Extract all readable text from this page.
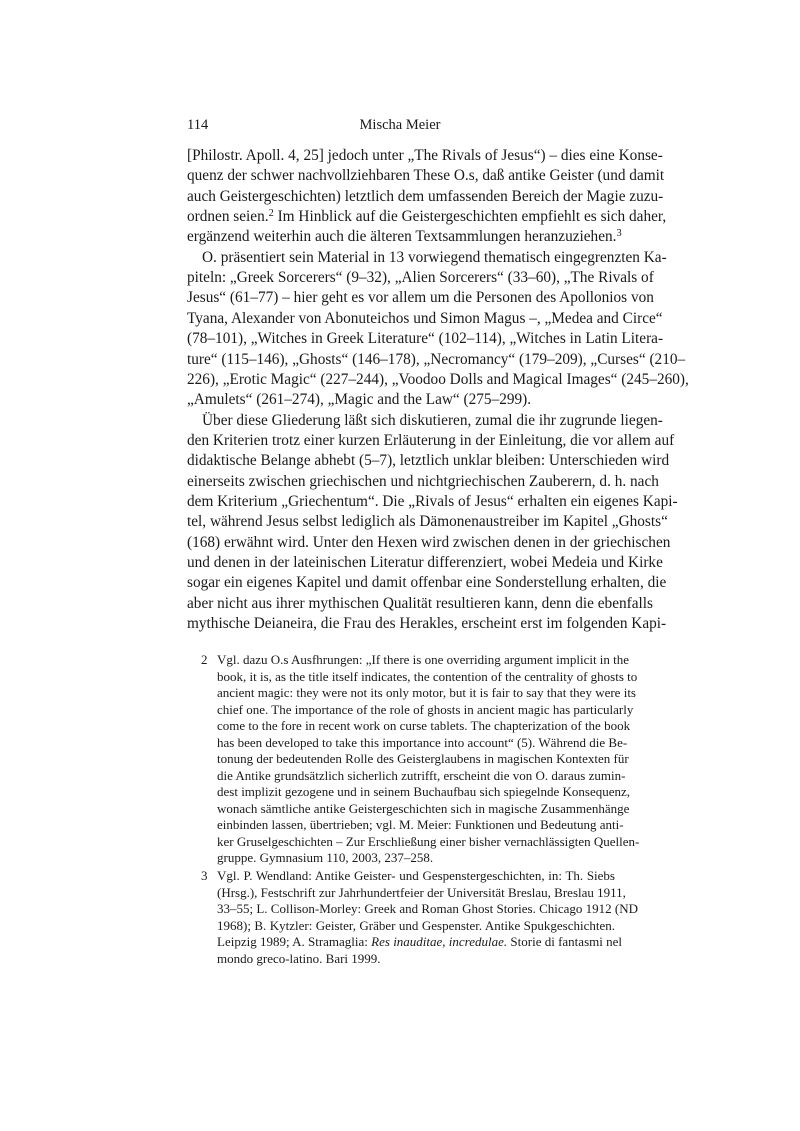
114	Mischa Meier
[Philostr. Apoll. 4, 25] jedoch unter „The Rivals of Jesus“) – dies eine Konse-
quenz der schwer nachvollziehbaren These O.s, daß antike Geister (und damit
auch Geistergeschichten) letztlich dem umfassenden Bereich der Magie zuzu-
ordnen seien.$^2$ Im Hinblick auf die Geistergeschichten empfiehlt es sich daher,
ergänzend weiterhin auch die älteren Textsammlungen heranzuziehen.$^3$
O. präsentiert sein Material in 13 vorwiegend thematisch eingegrenzten Ka-
piteln: „Greek Sorcerers“ (9–32), „Alien Sorcerers“ (33–60), „The Rivals of
Jesus“ (61–77) – hier geht es vor allem um die Personen des Apollonios von
Tyana, Alexander von Abonuteichos und Simon Magus –, „Medea and Circe“
(78–101), „Witches in Greek Literature“ (102–114), „Witches in Latin Litera-
ture“ (115–146), „Ghosts“ (146–178), „Necromancy“ (179–209), „Curses“ (210–
226), „Erotic Magic“ (227–244), „Voodoo Dolls and Magical Images“ (245–260),
„Amulets“ (261–274), „Magic and the Law“ (275–299).
Über diese Gliederung läßt sich diskutieren, zumal die ihr zugrunde liegen-
den Kriterien trotz einer kurzen Erläuterung in der Einleitung, die vor allem auf
didaktische Belange abhebt (5–7), letztlich unklar bleiben: Unterschieden wird
einerseits zwischen griechischen und nichtgriechischen Zauberern, d. h. nach
dem Kriterium „Griechentum“. Die „Rivals of Jesus“ erhalten ein eigenes Kapi-
tel, während Jesus selbst lediglich als Dämonenaustreiber im Kapitel „Ghosts“
(168) erwähnt wird. Unter den Hexen wird zwischen denen in der griechischen
und denen in der lateinischen Literatur differenziert, wobei Medeia und Kirke
sogar ein eigenes Kapitel und damit offenbar eine Sonderstellung erhalten, die
aber nicht aus ihrer mythischen Qualität resultieren kann, denn die ebenfalls
mythische Deianeira, die Frau des Herakles, erscheint erst im folgenden Kapi-
2 Vgl. dazu O.s Ausfhrungen: „If there is one overriding argument implicit in the
book, it is, as the title itself indicates, the contention of the centrality of ghosts to
ancient magic: they were not its only motor, but it is fair to say that they were its
chief one. The importance of the role of ghosts in ancient magic has particularly
come to the fore in recent work on curse tablets. The chapterization of the book
has been developed to take this importance into account“ (5). Während die Be-
tonung der bedeutenden Rolle des Geisterglaubens in magischen Kontexten für
die Antike grundsätzlich sicherlich zutrifft, erscheint die von O. daraus zumin-
dest implizit gezogene und in seinem Buchaufbau sich spiegelnde Konsequenz,
wonach sämtliche antike Geistergeschichten sich in magische Zusammenhänge
einbinden lassen, übertrieben; vgl. M. Meier: Funktionen und Bedeutung anti-
ker Gruselgeschichten – Zur Erschließung einer bisher vernachlässigten Quellen-
gruppe. Gymnasium 110, 2003, 237–258.
3 Vgl. P. Wendland: Antike Geister- und Gespenstergeschichten, in: Th. Siebs
(Hrsg.), Festschrift zur Jahrhundertfeier der Universität Breslau, Breslau 1911,
33–55; L. Collison-Morley: Greek and Roman Ghost Stories. Chicago 1912 (ND
1968); B. Kytzler: Geister, Gräber und Gespenster. Antike Spukgeschichten.
Leipzig 1989; A. Stramaglia: Res inauditae, incredulae. Storie di fantasmi nel
mondo greco-latino. Bari 1999.
